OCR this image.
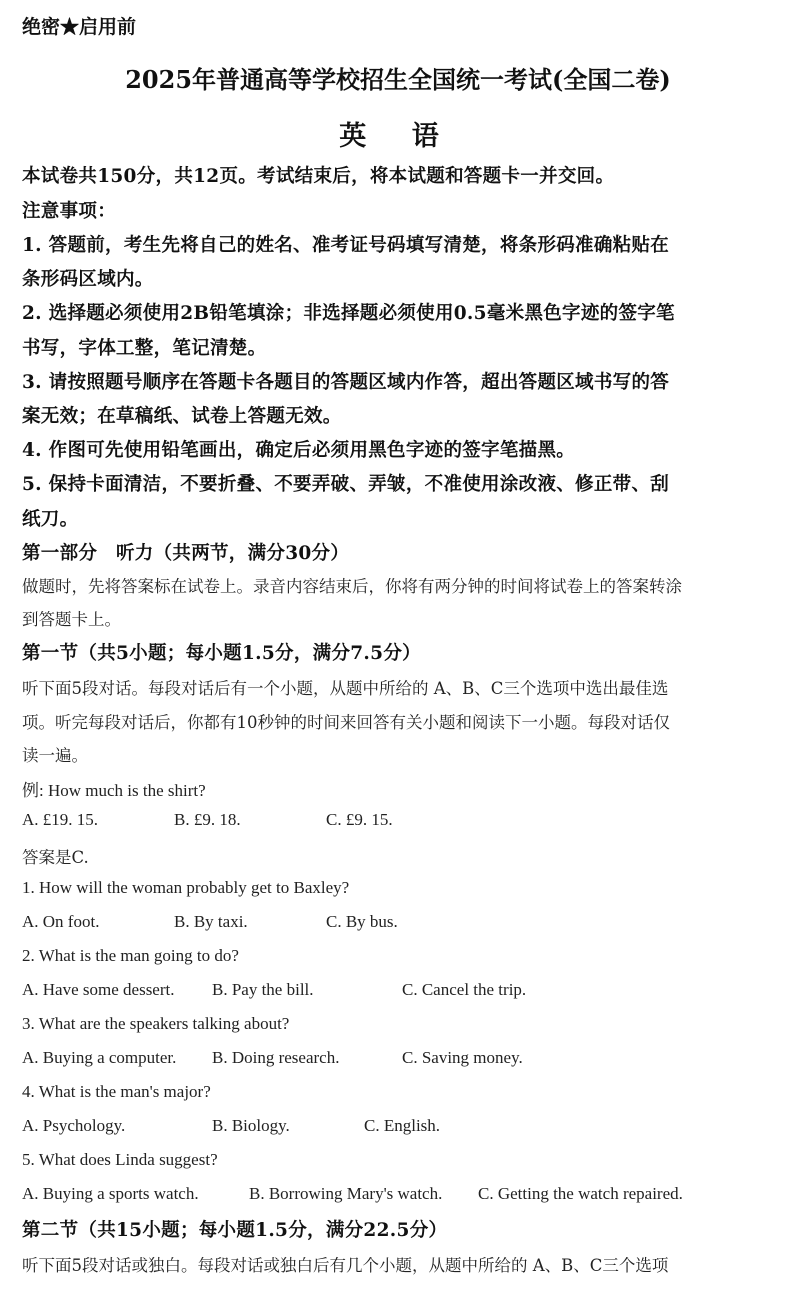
绝密★启用前
2025年普通高等学校招生全国统一考试(全国二卷)
英 语
本试卷共150分，共12页。考试结束后，将本试题和答题卡一并交回。
注意事项：
1. 答题前，考生先将自己的姓名、准考证号码填写清楚，将条形码准确粘贴在
条形码区域内。
2. 选择题必须使用2B铅笔填涂；非选择题必须使用0.5毫米黑色字迹的签字笔
书写，字体工整，笔记清楚。
3. 请按照题号顺序在答题卡各题目的答题区域内作答，超出答题区域书写的答
案无效；在草稿纸、试卷上答题无效。
4. 作图可先使用铅笔画出，确定后必须用黑色字迹的签字笔描黑。
5. 保持卡面清洁，不要折叠、不要弄破、弄皱，不准使用涂改液、修正带、刮
纸刀。
第一部分　听力（共两节，满分30分）
做题时，先将答案标在试卷上。录音内容结束后，你将有两分钟的时间将试卷上的答案转涂
到答题卡上。
第一节（共5小题；每小题1.5分，满分7.5分）
听下面5段对话。每段对话后有一个小题，从题中所给的 A、B、C三个选项中选出最佳选
项。听完每段对话后，你都有10秒钟的时间来回答有关小题和阅读下一小题。每段对话仅
读一遍。
例: How much is the shirt?
A. £19. 15.	B. £9. 18.	C. £9. 15.
答案是C.
1. How will the woman probably get to Baxley?
A. On foot.	B. By taxi.	C. By bus.
2. What is the man going to do?
A. Have some dessert. B. Pay the bill.	C. Cancel the trip.
3. What are the speakers talking about?
A. Buying a computer. B. Doing research.	C. Saving money.
4. What is the man's major?
A. Psychology.	B. Biology.	C. English.
5. What does Linda suggest?
A. Buying a sports watch.	B. Borrowing Mary's watch. C. Getting the watch repaired.
第二节（共15小题；每小题1.5分，满分22.5分）
听下面5段对话或独白。每段对话或独白后有几个小题，从题中所给的 A、B、C三个选项
